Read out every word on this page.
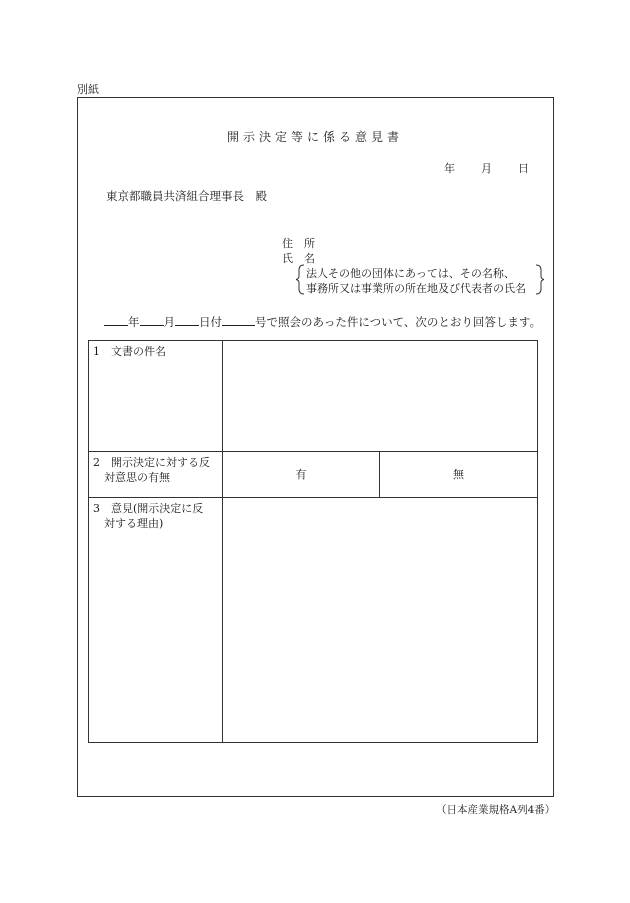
別紙
開示決定等に係る意見書
年 月 日
東京都職員共済組合理事長　殿
住 所
氏 名
法人その他の団体にあっては、その名称、
事務所又は事業所の所在地及び代表者の氏名
年 月 日付	号で照会のあった件について、次のとおり回答します。
1　文書の件名		

2　開示決定に対する反
　対意思の有無	有	無

3　意見(開示決定に反
　対する理由)		

（日本産業規格A列4番）
